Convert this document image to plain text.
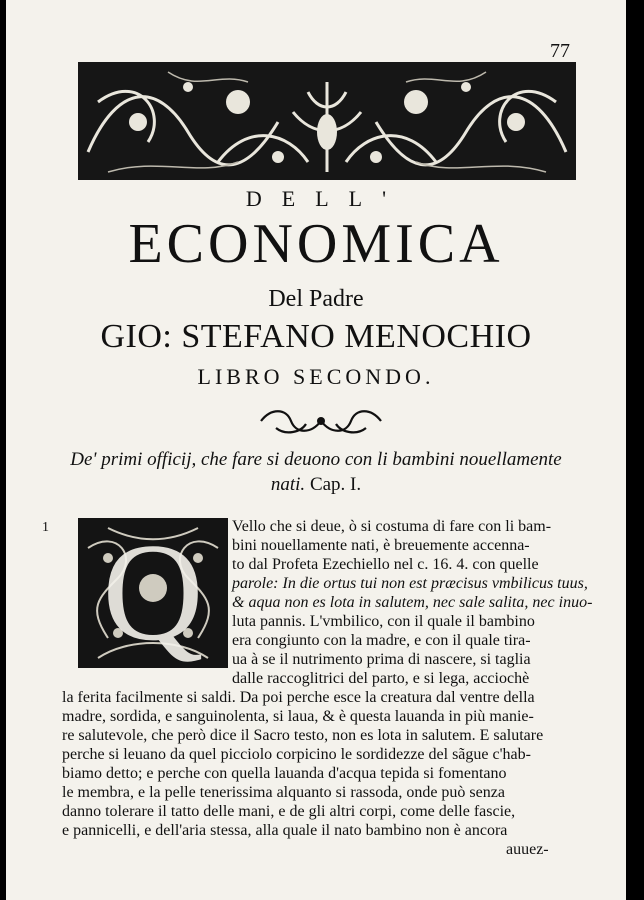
77
DELL'
ECONOMICA
Del Padre
GIO: STEFANO MENOCHIO
LIBRO SECONDO.
De' primi officij, che fare si deuono con li bambini nouellamente
nati. Cap. I.
1 Q	Vello che si deue, ò si costuma di fare con li bam-
bini nouellamente nati, è breuemente accenna-
to dal Profeta Ezechiello nel c. 16. 4. con quelle
parole: In die ortus tui non est præcisus vmbilicus tuus,
& aqua non es lota in salutem, nec sale salita, nec inuo-
luta pannis. L'vmbilico, con il quale il bambino
era congiunto con la madre, e con il quale tira-
ua à se il nutrimento prima di nascere, si taglia
dalle raccoglitrici del parto, e si lega, acciochè
la ferita facilmente si saldi. Da poi perche esce la creatura dal ventre della
madre, sordida, e sanguinolenta, si laua, & è questa lauanda in più manie-
re salutevole, che però dice il Sacro testo, non es lota in salutem. E salutare
perche si leuano da quel picciolo corpicino le sordidezze del sãgue c'hab-
biamo detto; e perche con quella lauanda d'acqua tepida si fomentano
le membra, e la pelle tenerissima alquanto si rassoda, onde può senza
danno tolerare il tatto delle mani, e de gli altri corpi, come delle fascie,
e pannicelli, e dell'aria stessa, alla quale il nato bambino non è ancora
auuez-
